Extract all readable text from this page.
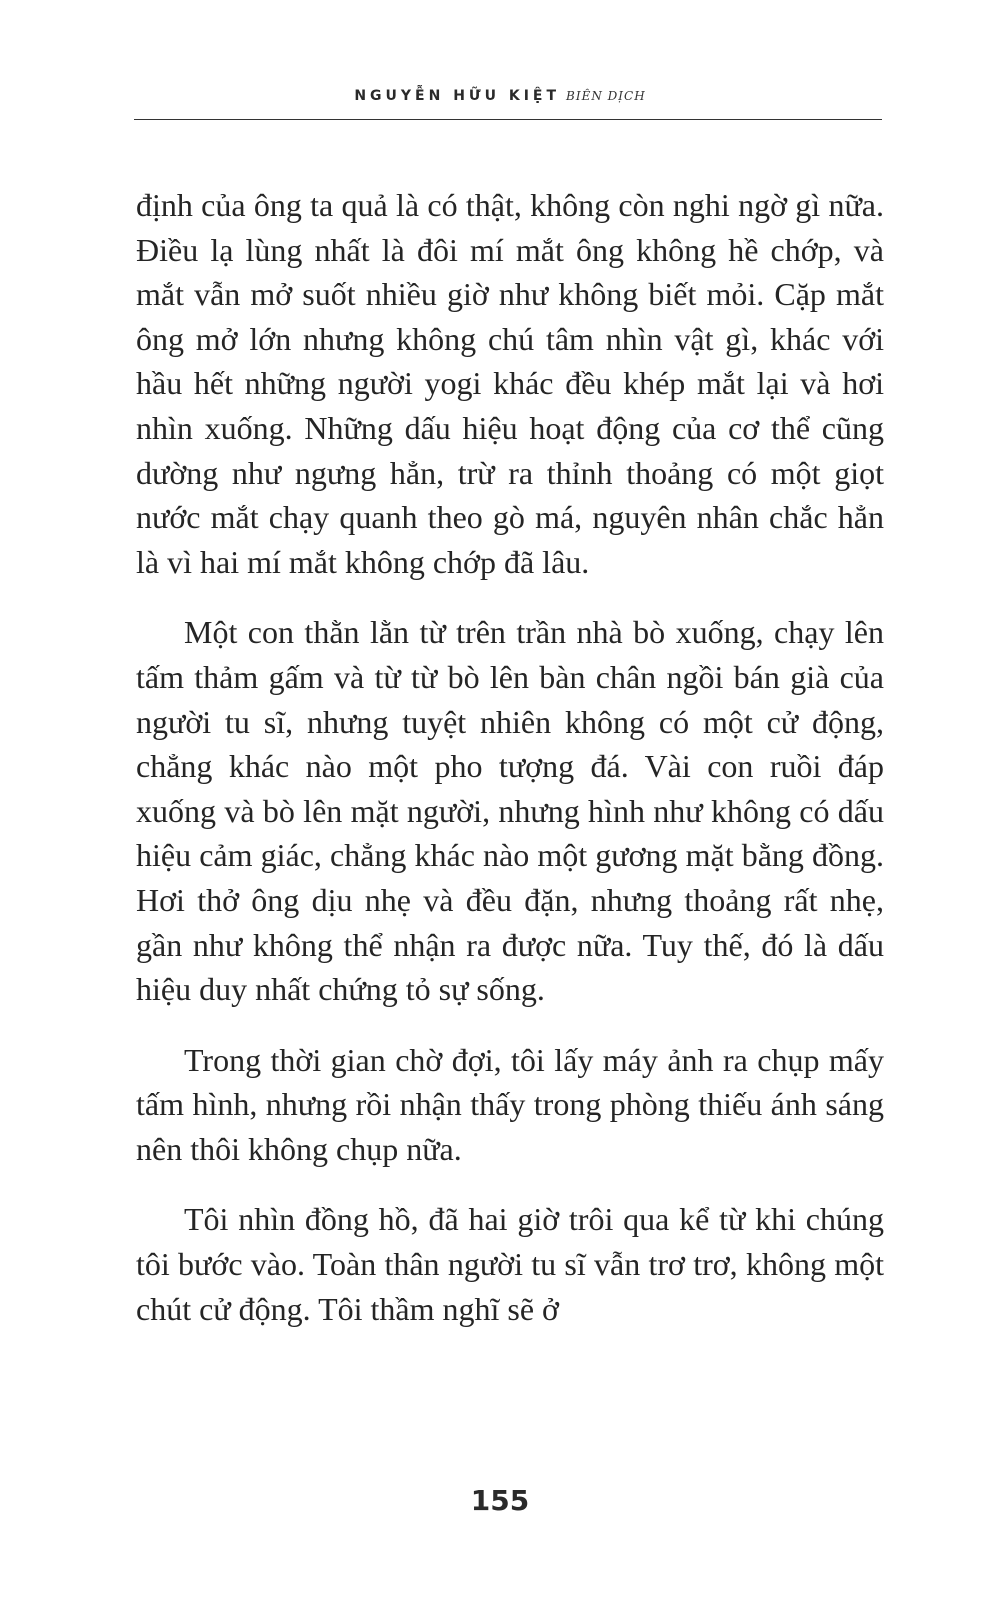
NGUYỄN HỮU KIỆT BIÊN DỊCH

định của ông ta quả là có thật, không còn nghi ngờ gì nữa. Điều lạ lùng nhất là đôi mí mắt ông không hề chớp, và mắt vẫn mở suốt nhiều giờ như không biết mỏi. Cặp mắt ông mở lớn nhưng không chú tâm nhìn vật gì, khác với hầu hết những người yogi khác đều khép mắt lại và hơi nhìn xuống. Những dấu hiệu hoạt động của cơ thể cũng dường như ngưng hẳn, trừ ra thỉnh thoảng có một giọt nước mắt chạy quanh theo gò má, nguyên nhân chắc hẳn là vì hai mí mắt không chớp đã lâu.

Một con thằn lằn từ trên trần nhà bò xuống, chạy lên tấm thảm gấm và từ từ bò lên bàn chân ngồi bán già của người tu sĩ, nhưng tuyệt nhiên không có một cử động, chẳng khác nào một pho tượng đá. Vài con ruồi đáp xuống và bò lên mặt người, nhưng hình như không có dấu hiệu cảm giác, chẳng khác nào một gương mặt bằng đồng. Hơi thở ông dịu nhẹ và đều đặn, nhưng thoảng rất nhẹ, gần như không thể nhận ra được nữa. Tuy thế, đó là dấu hiệu duy nhất chứng tỏ sự sống.

Trong thời gian chờ đợi, tôi lấy máy ảnh ra chụp mấy tấm hình, nhưng rồi nhận thấy trong phòng thiếu ánh sáng nên thôi không chụp nữa.

Tôi nhìn đồng hồ, đã hai giờ trôi qua kể từ khi chúng tôi bước vào. Toàn thân người tu sĩ vẫn trơ trơ, không một chút cử động. Tôi thầm nghĩ sẽ ở

155
